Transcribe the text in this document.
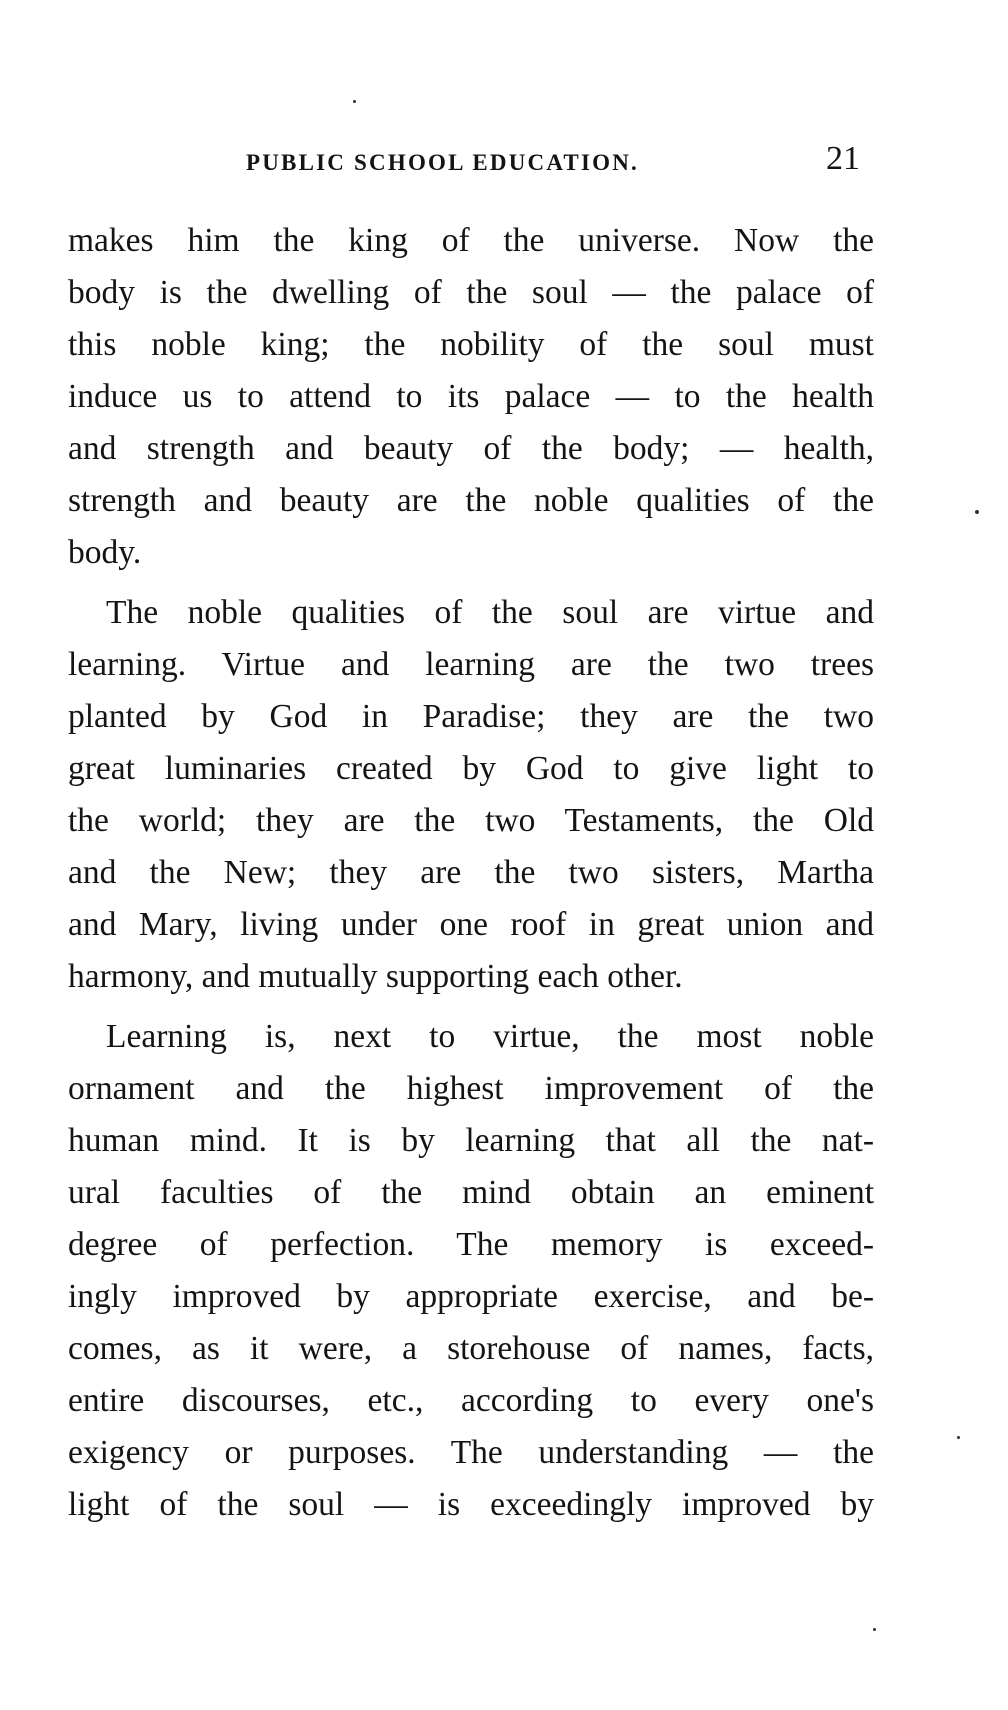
PUBLIC SCHOOL EDUCATION.	21
makes him the king of the universe. Now the
body is the dwelling of the soul — the palace of
this noble king; the nobility of the soul must
induce us to attend to its palace — to the health
and strength and beauty of the body; — health,
strength and beauty are the noble qualities of the
body.
The noble qualities of the soul are virtue and
learning. Virtue and learning are the two trees
planted by God in Paradise; they are the two
great luminaries created by God to give light to
the world; they are the two Testaments, the Old
and the New; they are the two sisters, Martha
and Mary, living under one roof in great union and
harmony, and mutually supporting each other.
Learning is, next to virtue, the most noble
ornament and the highest improvement of the
human mind. It is by learning that all the nat-
ural faculties of the mind obtain an eminent
degree of perfection. The memory is exceed-
ingly improved by appropriate exercise, and be-
comes, as it were, a storehouse of names, facts,
entire discourses, etc., according to every one's
exigency or purposes. The understanding — the
light of the soul — is exceedingly improved by
